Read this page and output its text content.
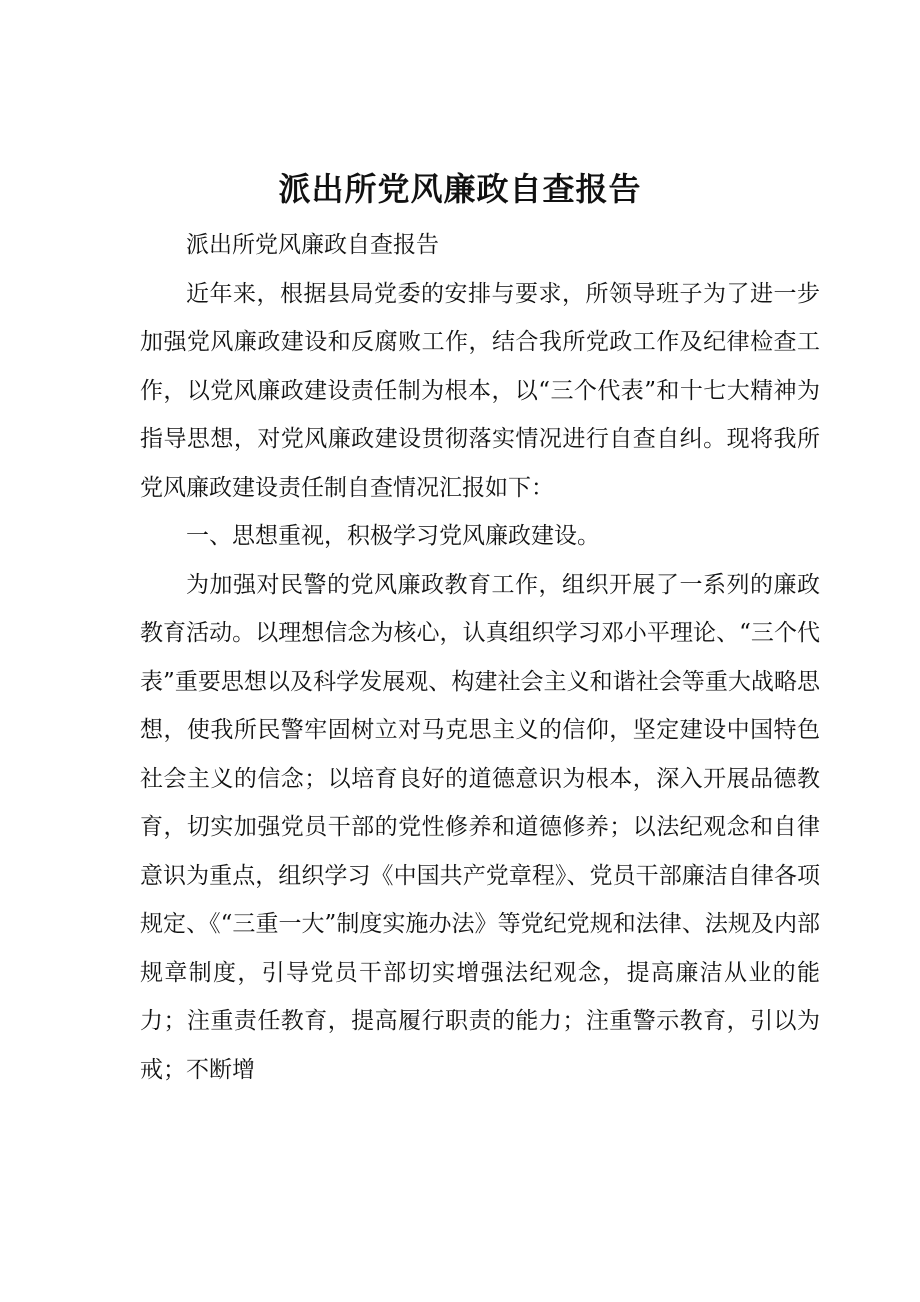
派出所党风廉政自查报告

派出所党风廉政自查报告

近年来，根据县局党委的安排与要求，所领导班子为了进一步加强党风廉政建设和反腐败工作，结合我所党政工作及纪律检查工作，以党风廉政建设责任制为根本，以“三个代表”和十七大精神为指导思想，对党风廉政建设贯彻落实情况进行自查自纠。现将我所党风廉政建设责任制自查情况汇报如下：

一、思想重视，积极学习党风廉政建设。

为加强对民警的党风廉政教育工作，组织开展了一系列的廉政教育活动。以理想信念为核心，认真组织学习邓小平理论、“三个代表”重要思想以及科学发展观、构建社会主义和谐社会等重大战略思想，使我所民警牢固树立对马克思主义的信仰，坚定建设中国特色社会主义的信念；以培育良好的道德意识为根本，深入开展品德教育，切实加强党员干部的党性修养和道德修养；以法纪观念和自律意识为重点，组织学习《中国共产党章程》、党员干部廉洁自律各项规定、《“三重一大”制度实施办法》等党纪党规和法律、法规及内部规章制度，引导党员干部切实增强法纪观念，提高廉洁从业的能力；注重责任教育，提高履行职责的能力；注重警示教育，引以为戒；不断增
